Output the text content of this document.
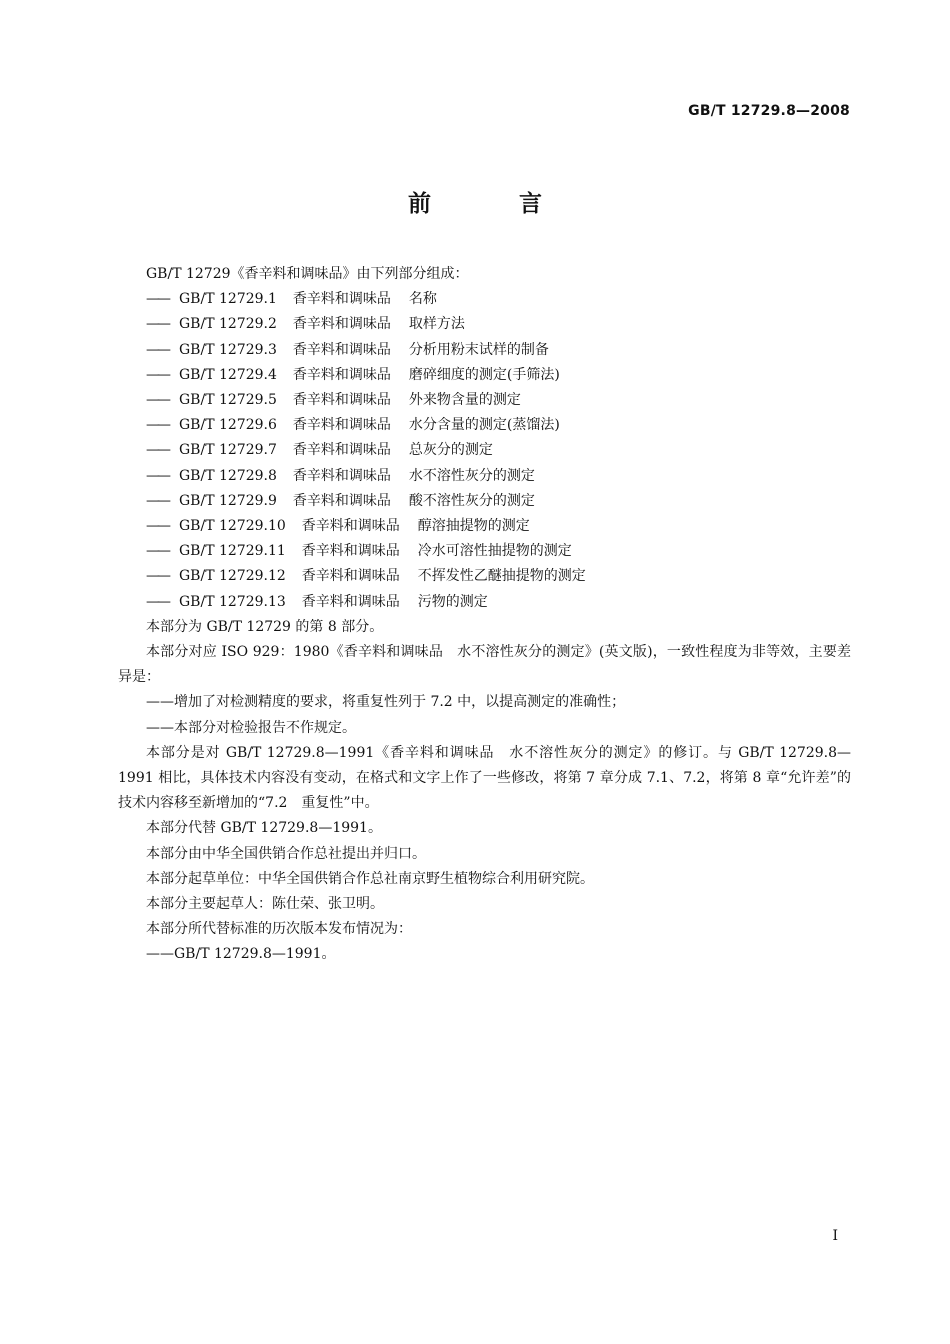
GB/T 12729.8—2008
前 言

GB/T 12729《香辛料和调味品》由下列部分组成：

—— GB/T 12729.1 香辛料和调味品 名称

—— GB/T 12729.2 香辛料和调味品 取样方法

—— GB/T 12729.3 香辛料和调味品 分析用粉末试样的制备

—— GB/T 12729.4 香辛料和调味品 磨碎细度的测定(手筛法)

—— GB/T 12729.5 香辛料和调味品 外来物含量的测定

—— GB/T 12729.6 香辛料和调味品 水分含量的测定(蒸馏法)

—— GB/T 12729.7 香辛料和调味品 总灰分的测定

—— GB/T 12729.8 香辛料和调味品 水不溶性灰分的测定

—— GB/T 12729.9 香辛料和调味品 酸不溶性灰分的测定

—— GB/T 12729.10 香辛料和调味品 醇溶抽提物的测定

—— GB/T 12729.11 香辛料和调味品 冷水可溶性抽提物的测定

—— GB/T 12729.12 香辛料和调味品 不挥发性乙醚抽提物的测定

—— GB/T 12729.13 香辛料和调味品 污物的测定

本部分为 GB/T 12729 的第 8 部分。

本部分对应 ISO 929：1980《香辛料和调味品　水不溶性灰分的测定》(英文版)，一致性程度为非等效，主要差异是：

——增加了对检测精度的要求，将重复性列于 7.2 中，以提高测定的准确性；

——本部分对检验报告不作规定。

本部分是对 GB/T 12729.8—1991《香辛料和调味品　水不溶性灰分的测定》的修订。与 GB/T 12729.8—1991 相比，具体技术内容没有变动，在格式和文字上作了一些修改，将第 7 章分成 7.1、7.2，将第 8 章“允许差”的技术内容移至新增加的“7.2　重复性”中。

本部分代替 GB/T 12729.8—1991。

本部分由中华全国供销合作总社提出并归口。

本部分起草单位：中华全国供销合作总社南京野生植物综合利用研究院。

本部分主要起草人：陈仕荣、张卫明。

本部分所代替标准的历次版本发布情况为：

——GB/T 12729.8—1991。

I
